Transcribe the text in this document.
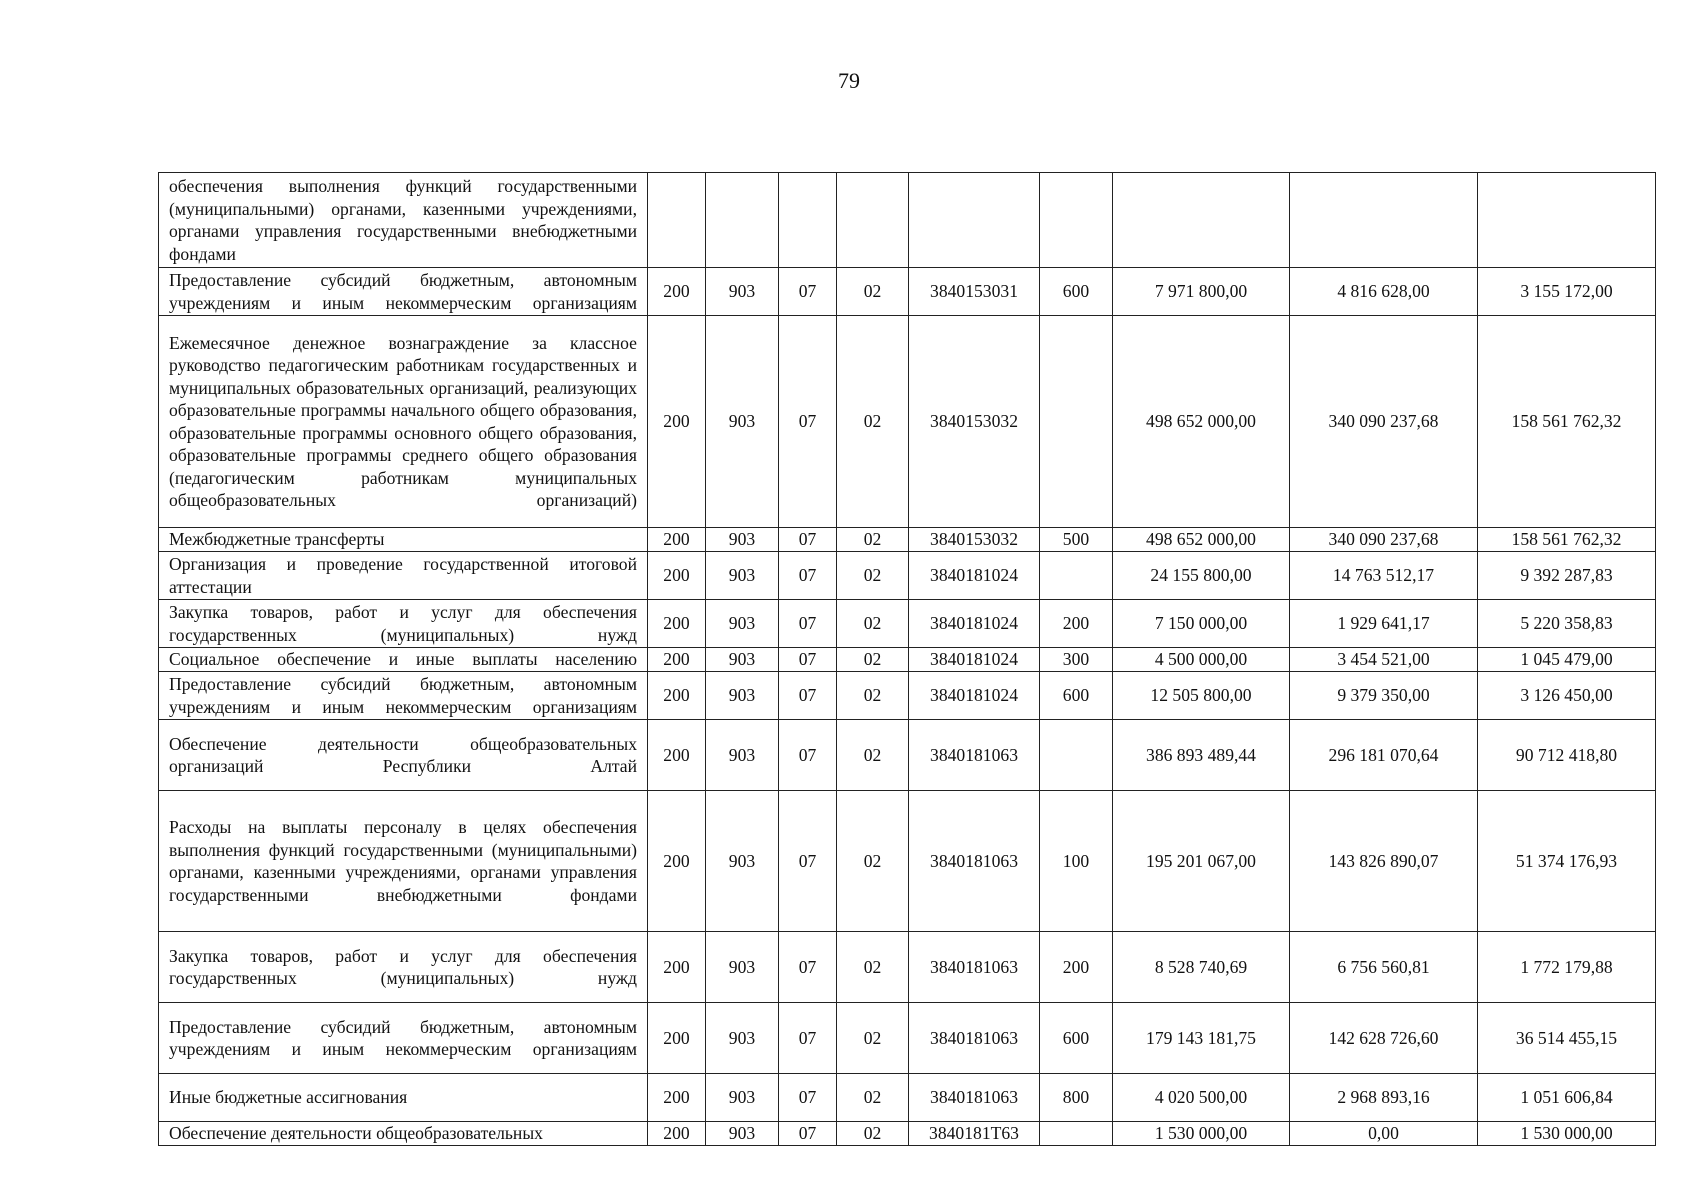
79
обеспечения выполнения функций государственными (муниципальными) органами, казенными учреждениями, органами управления государственными внебюджетными фондами									
Предоставление субсидий бюджетным, автономным учреждениям и иным некоммерческим организациям	200	903	07	02	3840153031	600	7 971 800,00	4 816 628,00	3 155 172,00
Ежемесячное денежное вознаграждение за классное руководство педагогическим работникам государственных и муниципальных образовательных организаций, реализующих образовательные программы начального общего образования, образовательные программы основного общего образования, образовательные программы среднего общего образования (педагогическим работникам муниципальных общеобразовательных организаций)	200	903	07	02	3840153032		498 652 000,00	340 090 237,68	158 561 762,32
Межбюджетные трансферты	200	903	07	02	3840153032	500	498 652 000,00	340 090 237,68	158 561 762,32
Организация и проведение государственной итоговой аттестации	200	903	07	02	3840181024		24 155 800,00	14 763 512,17	9 392 287,83
Закупка товаров, работ и услуг для обеспечения государственных (муниципальных) нужд	200	903	07	02	3840181024	200	7 150 000,00	1 929 641,17	5 220 358,83
Социальное обеспечение и иные выплаты населению	200	903	07	02	3840181024	300	4 500 000,00	3 454 521,00	1 045 479,00
Предоставление субсидий бюджетным, автономным учреждениям и иным некоммерческим организациям	200	903	07	02	3840181024	600	12 505 800,00	9 379 350,00	3 126 450,00
Обеспечение деятельности общеобразовательных организаций Республики Алтай	200	903	07	02	3840181063		386 893 489,44	296 181 070,64	90 712 418,80
Расходы на выплаты персоналу в целях обеспечения выполнения функций государственными (муниципальными) органами, казенными учреждениями, органами управления государственными внебюджетными фондами	200	903	07	02	3840181063	100	195 201 067,00	143 826 890,07	51 374 176,93
Закупка товаров, работ и услуг для обеспечения государственных (муниципальных) нужд	200	903	07	02	3840181063	200	8 528 740,69	6 756 560,81	1 772 179,88
Предоставление субсидий бюджетным, автономным учреждениям и иным некоммерческим организациям	200	903	07	02	3840181063	600	179 143 181,75	142 628 726,60	36 514 455,15
Иные бюджетные ассигнования	200	903	07	02	3840181063	800	4 020 500,00	2 968 893,16	1 051 606,84
Обеспечение деятельности общеобразовательных	200	903	07	02	3840181T63		1 530 000,00	0,00	1 530 000,00
